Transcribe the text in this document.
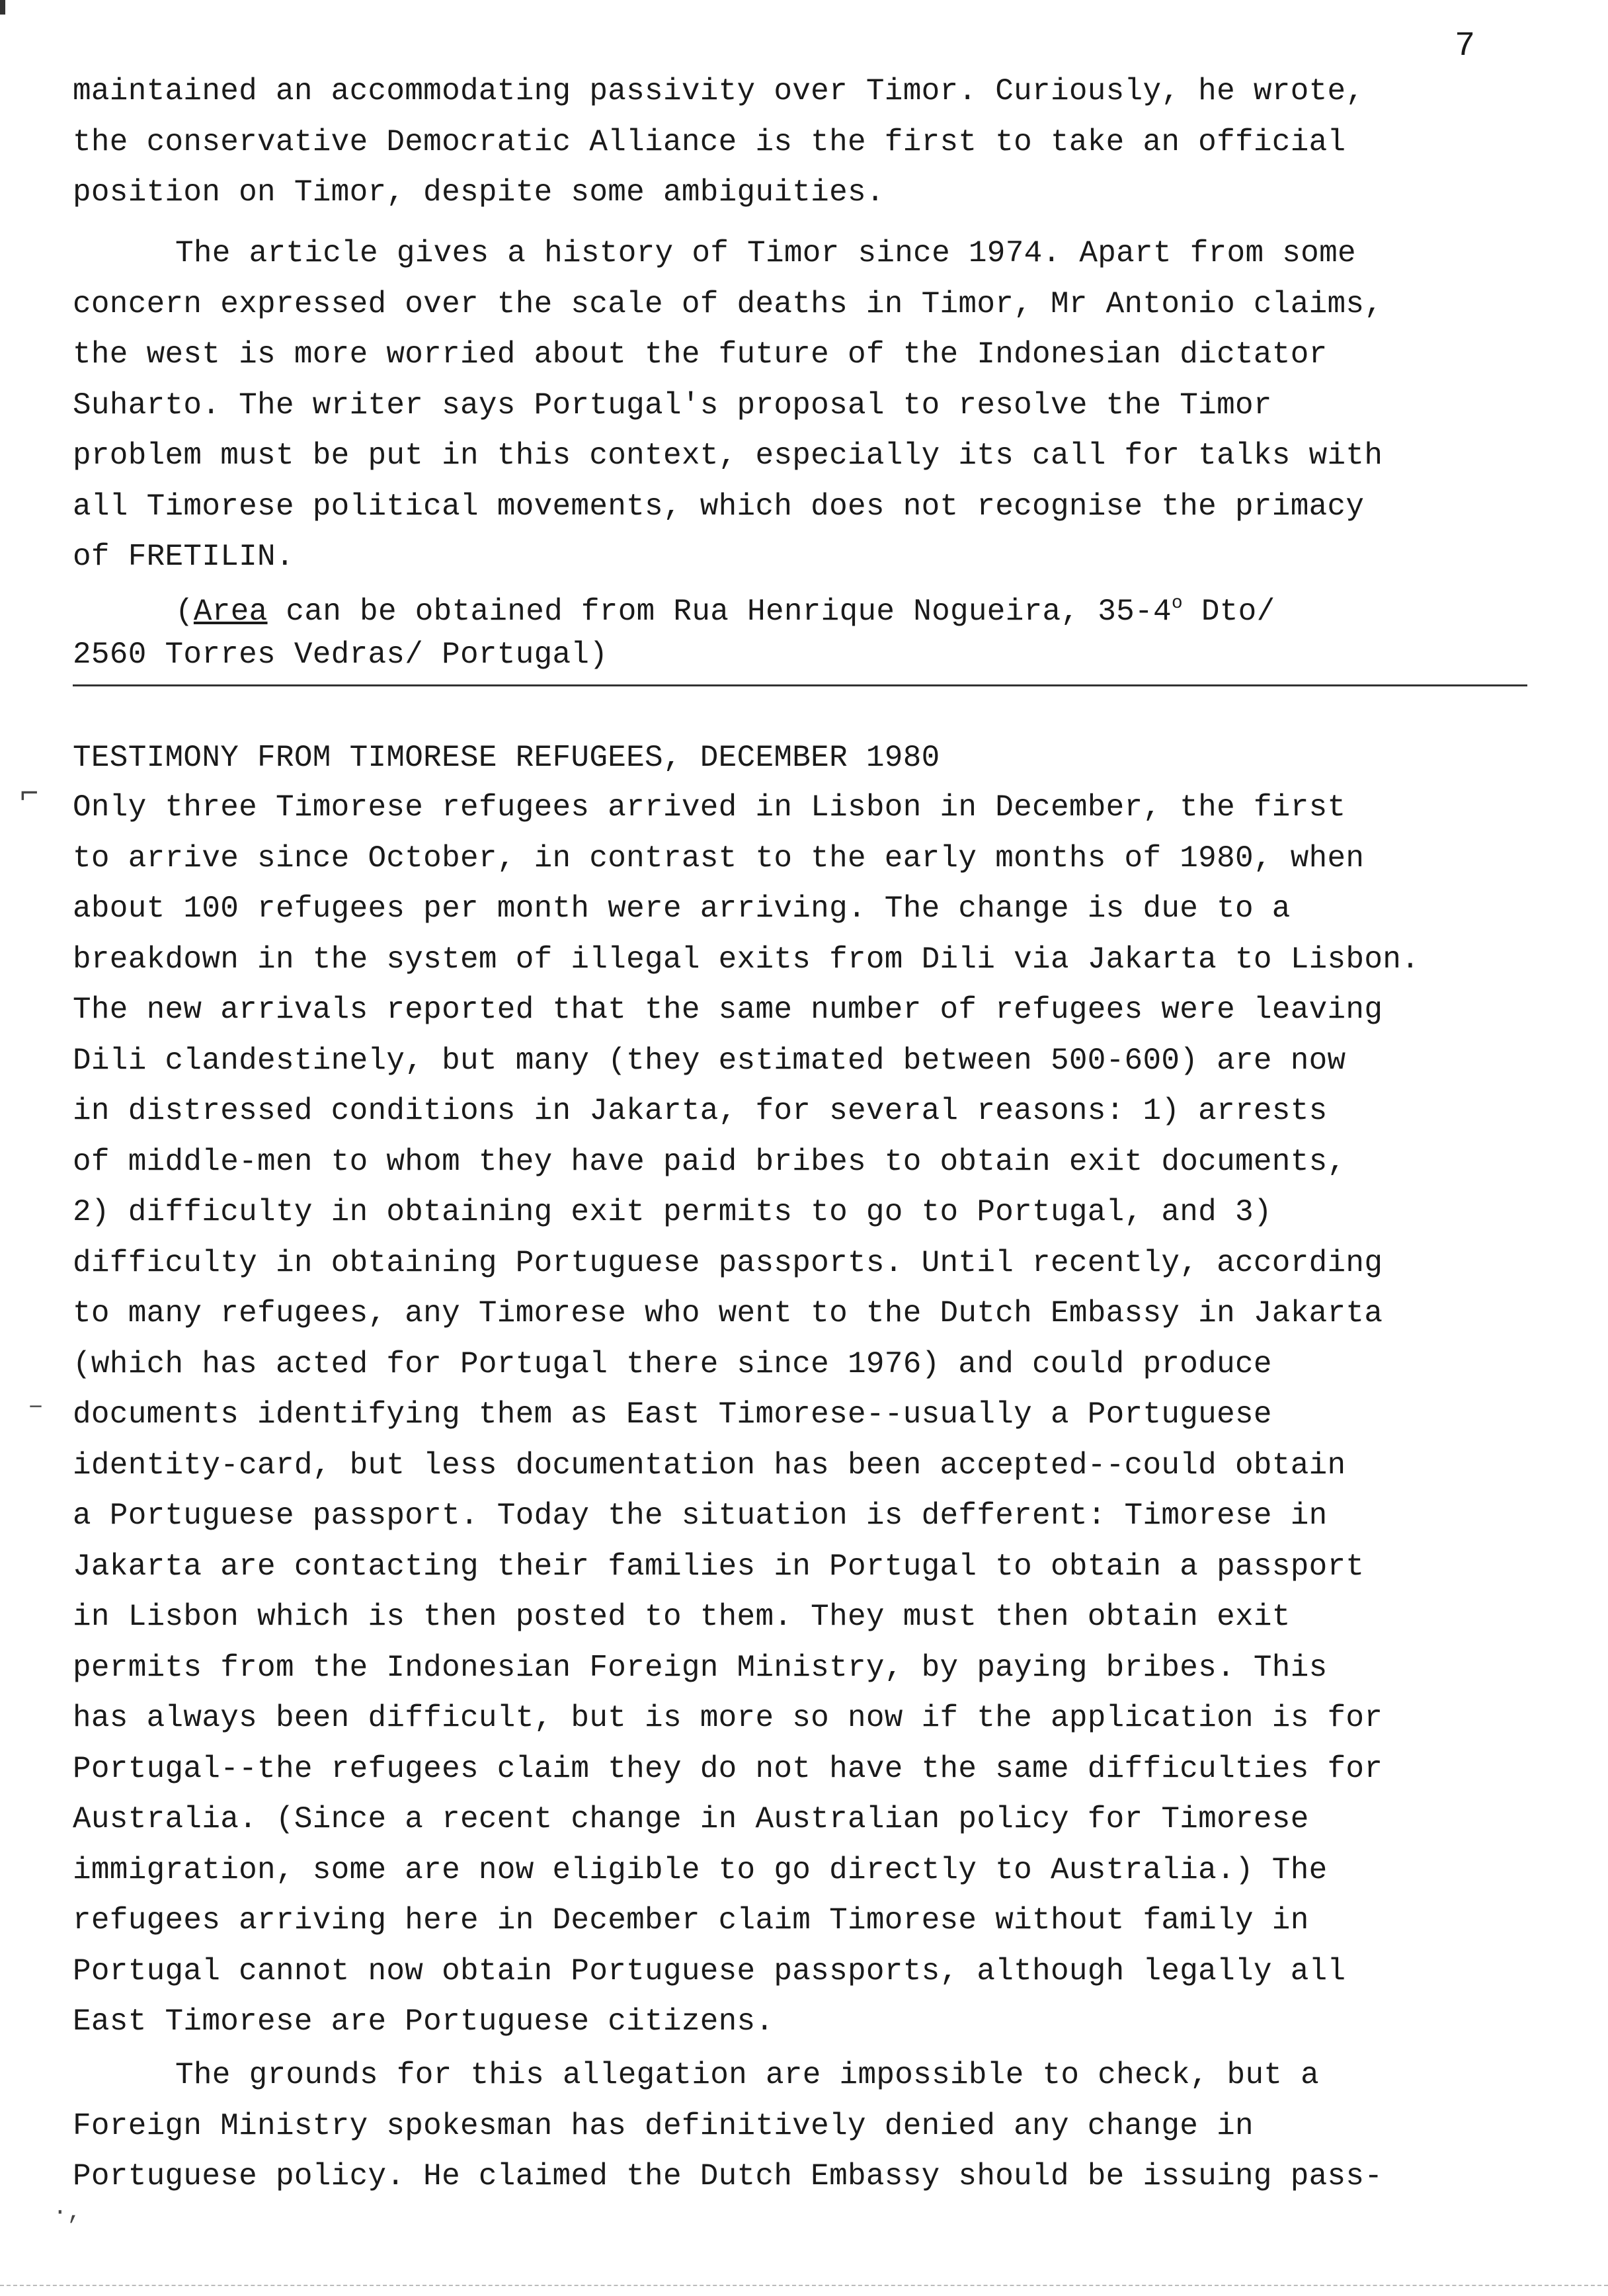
7
maintained an accommodating passivity over Timor. Curiously, he wrote,
the conservative Democratic Alliance is the first to take an official
position on Timor, despite some ambiguities.
The article gives a history of Timor since 1974. Apart from some
concern expressed over the scale of deaths in Timor, Mr Antonio claims,
the west is more worried about the future of the Indonesian dictator
Suharto. The writer says Portugal's proposal to resolve the Timor
problem must be put in this context, especially its call for talks with
all Timorese political movements, which does not recognise the primacy
of FRETILIN.
(Area can be obtained from Rua Henrique Nogueira, 35-4$^o$ Dto/
2560 Torres Vedras/ Portugal)
TESTIMONY FROM TIMORESE REFUGEES, DECEMBER 1980
⌐ Only three Timorese refugees arrived in Lisbon in December, the first
to arrive since October, in contrast to the early months of 1980, when
about 100 refugees per month were arriving. The change is due to a
breakdown in the system of illegal exits from Dili via Jakarta to Lisbon.
The new arrivals reported that the same number of refugees were leaving
Dili clandestinely, but many (they estimated between 500-600) are now
in distressed conditions in Jakarta, for several reasons: 1) arrests
of middle-men to whom they have paid bribes to obtain exit documents,
2) difficulty in obtaining exit permits to go to Portugal, and 3)
difficulty in obtaining Portuguese passports. Until recently, according
to many refugees, any Timorese who went to the Dutch Embassy in Jakarta
(which has acted for Portugal there since 1976) and could produce
documents identifying them as East Timorese--usually a Portuguese
identity-card, but less documentation has been accepted--could obtain
a Portuguese passport. Today the situation is defferent: Timorese in
Jakarta are contacting their families in Portugal to obtain a passport
in Lisbon which is then posted to them. They must then obtain exit
permits from the Indonesian Foreign Ministry, by paying bribes. This
has always been difficult, but is more so now if the application is for
Portugal--the refugees claim they do not have the same difficulties for
Australia. (Since a recent change in Australian policy for Timorese
immigration, some are now eligible to go directly to Australia.) The
refugees arriving here in December claim Timorese without family in
Portugal cannot now obtain Portuguese passports, although legally all
East Timorese are Portuguese citizens.
–
The grounds for this allegation are impossible to check, but a
Foreign Ministry spokesman has definitively denied any change in
Portuguese policy. He claimed the Dutch Embassy should be issuing pass-
·,
